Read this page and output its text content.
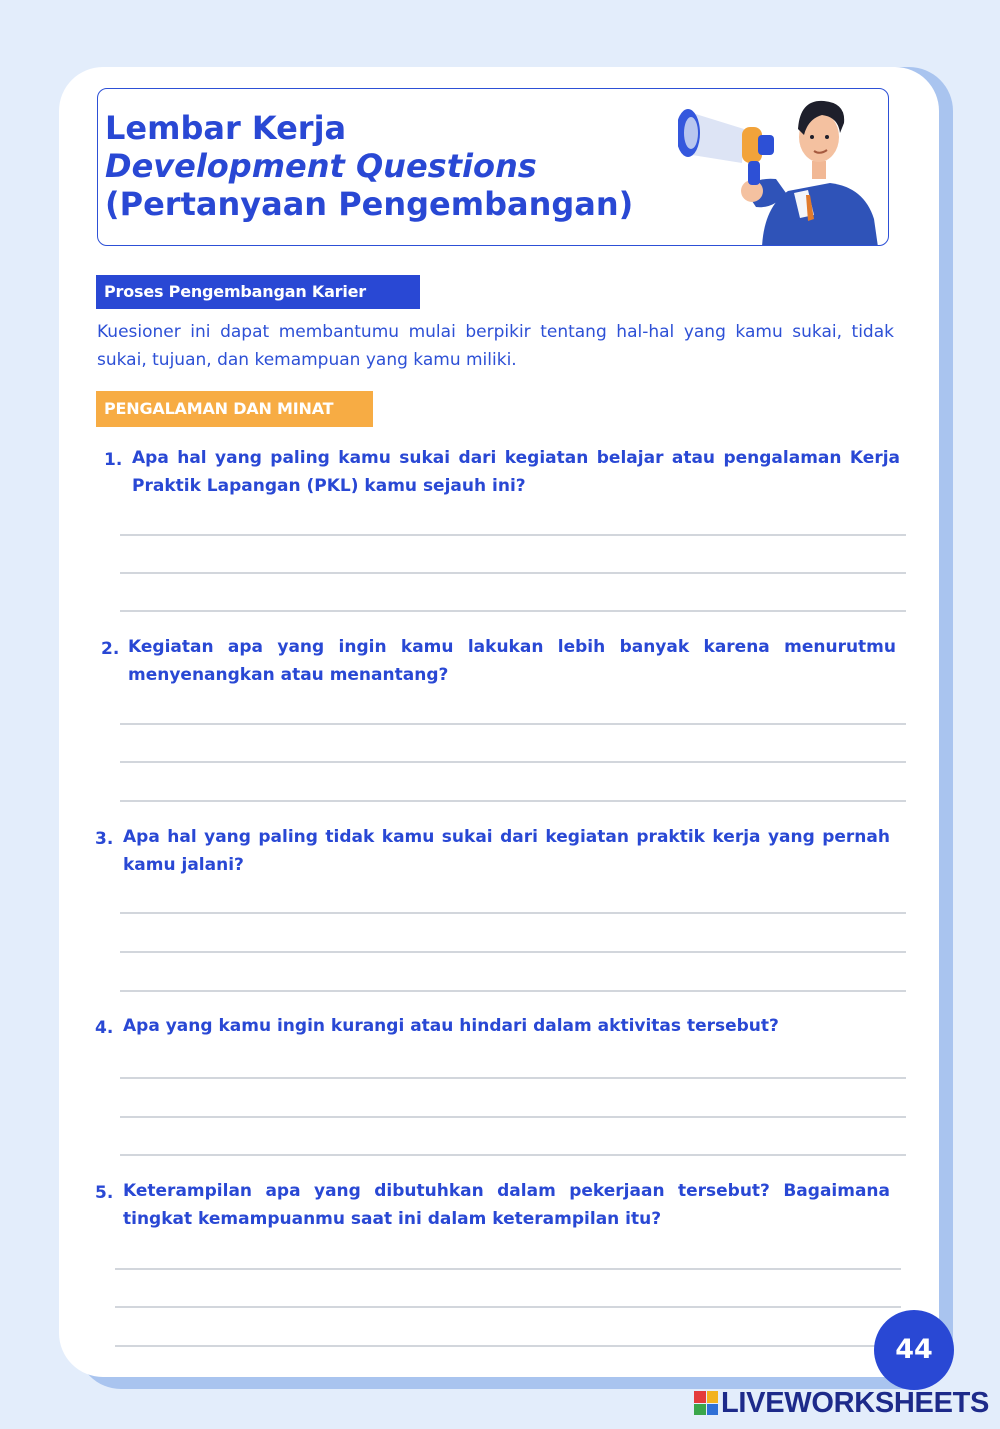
Lembar Kerja
Development Questions
(Pertanyaan Pengembangan)
Proses Pengembangan Karier
Kuesioner ini dapat membantumu mulai berpikir tentang hal-hal yang kamu sukai, tidak sukai, tujuan, dan kemampuan yang kamu miliki.
PENGALAMAN DAN MINAT
1. Apa hal yang paling kamu sukai dari kegiatan belajar atau pengalaman Kerja Praktik Lapangan (PKL) kamu sejauh ini?
2. Kegiatan apa yang ingin kamu lakukan lebih banyak karena menurutmu menyenangkan atau menantang?
3. Apa hal yang paling tidak kamu sukai dari kegiatan praktik kerja yang pernah kamu jalani?
4. Apa yang kamu ingin kurangi atau hindari dalam aktivitas tersebut?
5. Keterampilan apa yang dibutuhkan dalam pekerjaan tersebut? Bagaimana tingkat kemampuanmu saat ini dalam keterampilan itu?
44
LIVEWORKSHEETS
